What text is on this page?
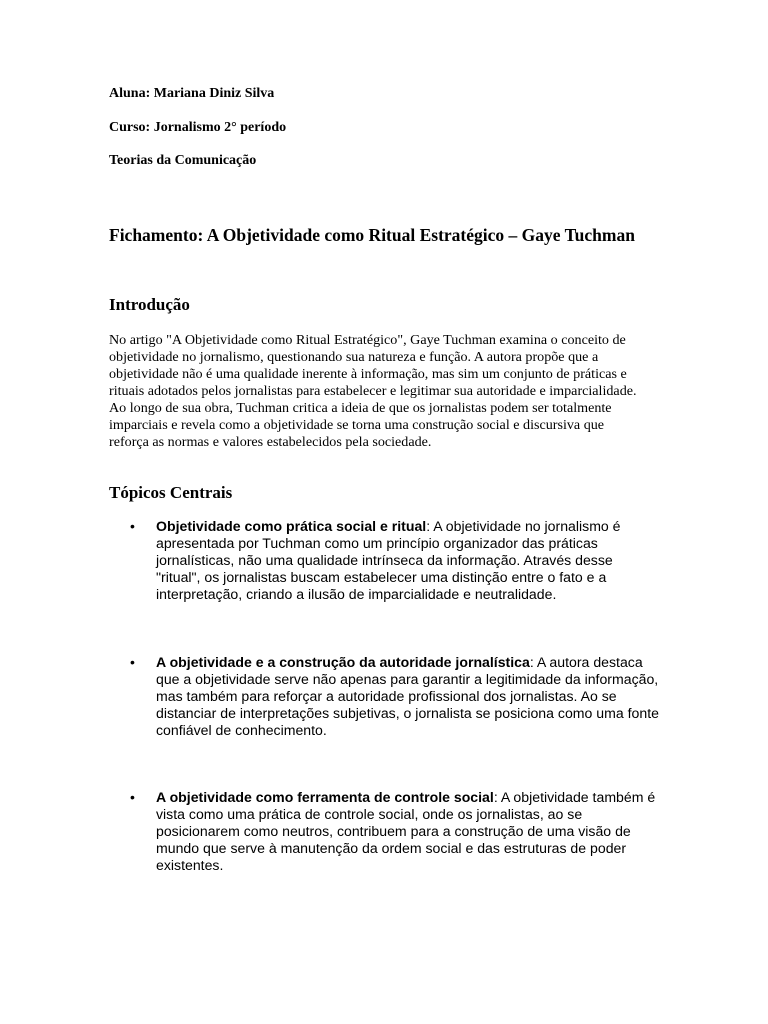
Aluna: Mariana Diniz Silva

Curso: Jornalismo 2° período

Teorias da Comunicação

Fichamento: A Objetividade como Ritual Estratégico – Gaye Tuchman
Introdução

No artigo "A Objetividade como Ritual Estratégico", Gaye Tuchman examina o conceito de objetividade no jornalismo, questionando sua natureza e função. A autora propõe que a objetividade não é uma qualidade inerente à informação, mas sim um conjunto de práticas e rituais adotados pelos jornalistas para estabelecer e legitimar sua autoridade e imparcialidade. Ao longo de sua obra, Tuchman critica a ideia de que os jornalistas podem ser totalmente imparciais e revela como a objetividade se torna uma construção social e discursiva que reforça as normas e valores estabelecidos pela sociedade.

Tópicos Centrais
• Objetividade como prática social e ritual: A objetividade no jornalismo é apresentada por Tuchman como um princípio organizador das práticas jornalísticas, não uma qualidade intrínseca da informação. Através desse "ritual", os jornalistas buscam estabelecer uma distinção entre o fato e a interpretação, criando a ilusão de imparcialidade e neutralidade.

• A objetividade e a construção da autoridade jornalística: A autora destaca que a objetividade serve não apenas para garantir a legitimidade da informação, mas também para reforçar a autoridade profissional dos jornalistas. Ao se distanciar de interpretações subjetivas, o jornalista se posiciona como uma fonte confiável de conhecimento.

• A objetividade como ferramenta de controle social: A objetividade também é vista como uma prática de controle social, onde os jornalistas, ao se posicionarem como neutros, contribuem para a construção de uma visão de mundo que serve à manutenção da ordem social e das estruturas de poder existentes.
